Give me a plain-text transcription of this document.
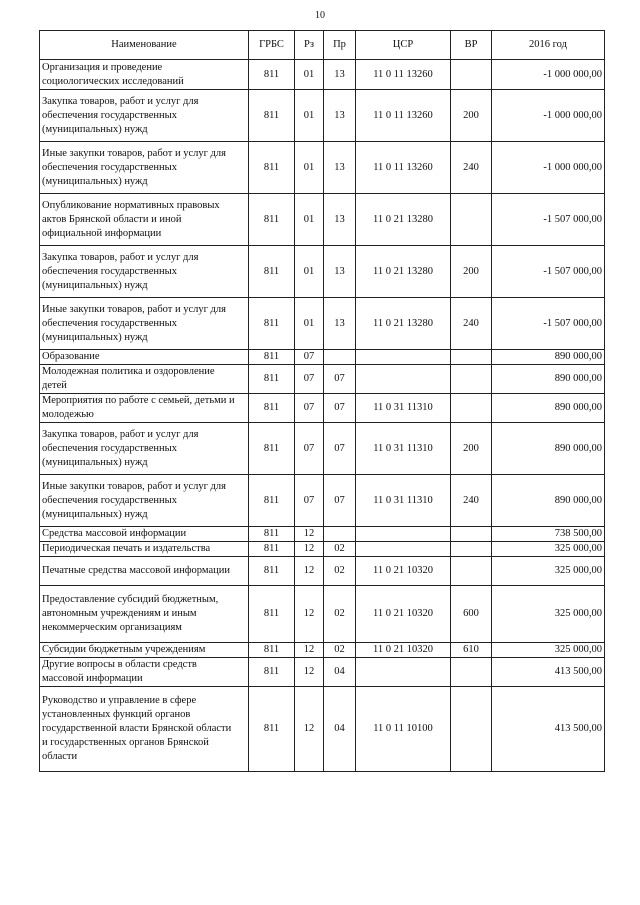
10
Наименование	ГРБС	Рз	Пр	ЦСР	ВР	2016 год
Организация и проведение
социологических исследований	811	01	13	11 0 11 13260		-1 000 000,00
Закупка товаров, работ и услуг для
обеспечения государственных
(муниципальных) нужд	811	01	13	11 0 11 13260	200	-1 000 000,00
Иные закупки товаров, работ и услуг для
обеспечения государственных
(муниципальных) нужд	811	01	13	11 0 11 13260	240	-1 000 000,00
Опубликование нормативных правовых
актов Брянской области и иной
официальной информации	811	01	13	11 0 21 13280		-1 507 000,00
Закупка товаров, работ и услуг для
обеспечения государственных
(муниципальных) нужд	811	01	13	11 0 21 13280	200	-1 507 000,00
Иные закупки товаров, работ и услуг для
обеспечения государственных
(муниципальных) нужд	811	01	13	11 0 21 13280	240	-1 507 000,00
Образование	811	07				890 000,00
Молодежная политика и оздоровление
детей	811	07	07			890 000,00
Мероприятия по работе с семьей, детьми и
молодежью	811	07	07	11 0 31 11310		890 000,00
Закупка товаров, работ и услуг для
обеспечения государственных
(муниципальных) нужд	811	07	07	11 0 31 11310	200	890 000,00
Иные закупки товаров, работ и услуг для
обеспечения государственных
(муниципальных) нужд	811	07	07	11 0 31 11310	240	890 000,00
Средства массовой информации	811	12				738 500,00
Периодическая печать и издательства	811	12	02			325 000,00
Печатные средства массовой информации	811	12	02	11 0 21 10320		325 000,00
Предоставление субсидий бюджетным,
автономным учреждениям и иным
некоммерческим организациям	811	12	02	11 0 21 10320	600	325 000,00
Субсидии бюджетным учреждениям	811	12	02	11 0 21 10320	610	325 000,00
Другие вопросы в области средств
массовой информации	811	12	04			413 500,00
Руководство и управление в сфере
установленных функций органов
государственной власти Брянской области
и государственных органов Брянской
области	811	12	04	11 0 11 10100		413 500,00
